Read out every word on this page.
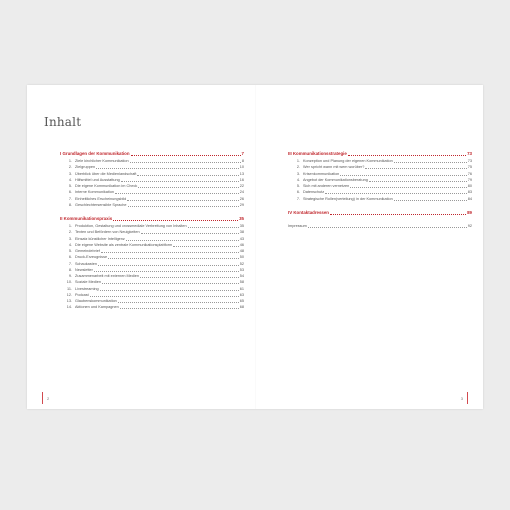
Inhalt
I Grundlagen der Kommunikation	7
1. Ziele kirchlicher Kommunikation	8
2. Zielgruppen	10
3. Überblick über die Medienlandschaft	13
4. Hilfsmittel und Ausstattung	16
5. Die eigene Kommunikation im Check	22
6. Interne Kommunikation	24
7. Einheitliches Erscheinungsbild	26
8. Geschlechtersensible Sprache	29
II Kommunikationspraxis	35
1. Produktion, Gestaltung und crossmediale Verbreitung von Inhalten	35
2. Texten und Befördern von Neuigkeiten	38
3. Einsatz künstlicher Intelligenz	43
4. Die eigene Website als zentrale Kommunikationsplattform	46
5. Gemeindebrief	48
6. Druck-Erzeugnisse	50
7. Schaukasten	52
8. Newsletter	53
9. Zusammenarbeit mit externen Medien	54
10. Soziale Medien	58
11. Livestreaming	61
12. Podcast	63
13. Glaubenskommunikation	65
14. Aktionen und Kampagnen	68
2
III Kommunikationsstrategie	73
1. Konzeption und Planung der eigenen Kommunikation	73
2. Wer spricht wann mit wem worüber?	75
3. Krisenkommunikation	76
4. Angebot der Kommunikationsberatung	79
5. Sich mit anderen vernetzen	80
6. Datenschutz	83
7. Strategische Rollen(verteilung) in der Kommunikation	84
IV Kontaktadressen	89
Impressum	92
3
